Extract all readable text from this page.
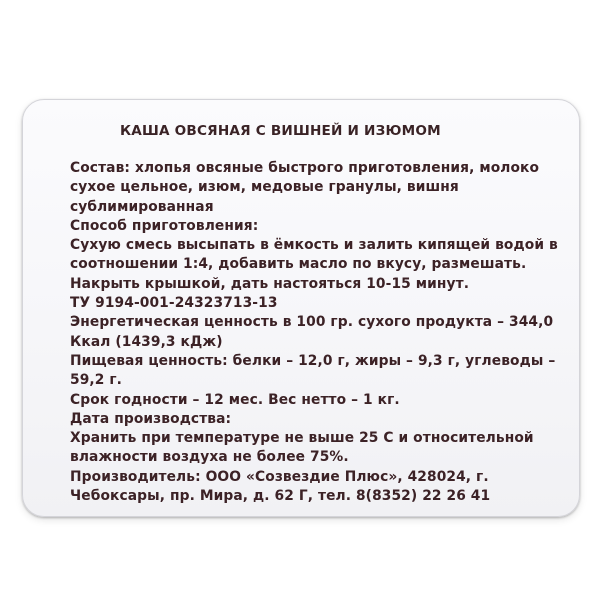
КАША ОВСЯНАЯ С ВИШНЕЙ И ИЗЮМОМ
Состав: хлопья овсяные быстрого приготовления, молоко
сухое цельное, изюм, медовые гранулы, вишня
сублимированная
Способ приготовления:
Сухую смесь высыпать в ёмкость и залить кипящей водой в
соотношении 1:4, добавить масло по вкусу, размешать.
Накрыть крышкой, дать настояться 10-15 минут.
ТУ 9194-001-24323713-13
Энергетическая ценность в 100 гр. сухого продукта – 344,0
Ккал (1439,3 кДж)
Пищевая ценность: белки – 12,0 г, жиры – 9,3 г, углеводы –
59,2 г.
Срок годности – 12 мес. Вес нетто – 1 кг.
Дата производства:
Хранить при температуре не выше 25 С и относительной
влажности воздуха не более 75%.
Производитель: ООО «Созвездие Плюс», 428024, г.
Чебоксары, пр. Мира, д. 62 Г, тел. 8(8352) 22 26 41
